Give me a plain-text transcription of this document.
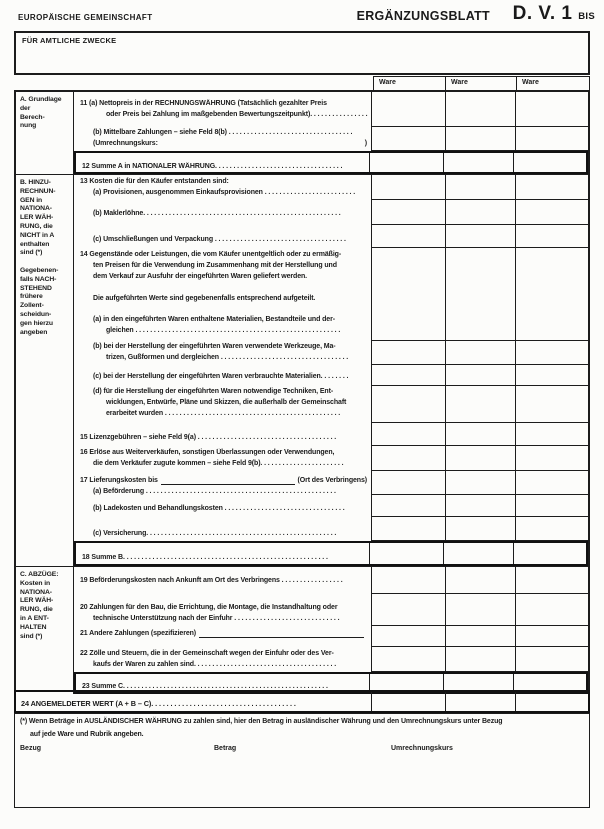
EUROPÄISCHE GEMEINSCHAFT	ERGÄNZUNGSBLATT D. V. 1 BIS
FÜR AMTLICHE ZWECKE
Ware	Ware	Ware
A. Grundlage
der
Berech-
nung
11 (a) Nettopreis in der RECHNUNGSWÄHRUNG (Tatsächlich gezahlter Preis
oder Preis bei Zahlung im maßgebenden Bewertungszeitpunkt). . . . . . . . . . . . . . . .
(b) Mittelbare Zahlungen – siehe Feld 8(b) . . . . . . . . . . . . . . . . . . . . . . . . . . . . . . . . . .
(Umrechnungskurs:	)
12 Summe A in NATIONALER WÄHRUNG. . . . . . . . . . . . . . . . . . . . . . . . . . . . . . . . . . .
B. HINZU-
RECHNUN-
GEN in
NATIONA-
LER WÄH-
RUNG, die
NICHT in A
enthalten
sind (*)

Gegebenen-
falls NACH-
STEHEND
frühere
Zollent-
scheidun-
gen hierzu
angeben
13 Kosten die für den Käufer entstanden sind:
(a) Provisionen, ausgenommen Einkaufsprovisionen . . . . . . . . . . . . . . . . . . . . . . . . .
(b) Maklerlöhne. . . . . . . . . . . . . . . . . . . . . . . . . . . . . . . . . . . . . . . . . . . . . . . . . . . . . .
(c) Umschließungen und Verpackung . . . . . . . . . . . . . . . . . . . . . . . . . . . . . . . . . . . .
14 Gegenstände oder Leistungen, die vom Käufer unentgeltlich oder zu ermäßig-
ten Preisen für die Verwendung im Zusammenhang mit der Herstellung und
dem Verkauf zur Ausfuhr der eingeführten Waren geliefert werden.

Die aufgeführten Werte sind gegebenenfalls entsprechend aufgeteilt.

(a) in den eingeführten Waren enthaltene Materialien, Bestandteile und der-
gleichen . . . . . . . . . . . . . . . . . . . . . . . . . . . . . . . . . . . . . . . . . . . . . . . . . . . . . . . .
(b) bei der Herstellung der eingeführten Waren verwendete Werkzeuge, Ma-
trizen, Gußformen und dergleichen . . . . . . . . . . . . . . . . . . . . . . . . . . . . . . . . . . .
(c) bei der Herstellung der eingeführten Waren verbrauchte Materialien. . . . . . . .
(d) für die Herstellung der eingeführten Waren notwendige Techniken, Ent-
wicklungen, Entwürfe, Pläne und Skizzen, die außerhalb der Gemeinschaft
erarbeitet wurden . . . . . . . . . . . . . . . . . . . . . . . . . . . . . . . . . . . . . . . . . . . . . . . .
15 Lizenzgebühren – siehe Feld 9(a) . . . . . . . . . . . . . . . . . . . . . . . . . . . . . . . . . . . . . .
16 Erlöse aus Weiterverkäufen, sonstigen Überlassungen oder Verwendungen,
die dem Verkäufer zugute kommen – siehe Feld 9(b). . . . . . . . . . . . . . . . . . . . . . .
17 Lieferungskosten bis	(Ort des Verbringens)
(a) Beförderung . . . . . . . . . . . . . . . . . . . . . . . . . . . . . . . . . . . . . . . . . . . . . . . . . . . .
(b) Ladekosten und Behandlungskosten . . . . . . . . . . . . . . . . . . . . . . . . . . . . . . . . .
(c) Versicherung. . . . . . . . . . . . . . . . . . . . . . . . . . . . . . . . . . . . . . . . . . . . . . . . . . . .
18 Summe B. . . . . . . . . . . . . . . . . . . . . . . . . . . . . . . . . . . . . . . . . . . . . . . . . . . . . . . .
C. ABZÜGE:
Kosten in
NATIONA-
LER WÄH-
RUNG, die
in A ENT-
HALTEN
sind (*)
19 Beförderungskosten nach Ankunft am Ort des Verbringens . . . . . . . . . . . . . . . . .
20 Zahlungen für den Bau, die Errichtung, die Montage, die Instandhaltung oder
technische Unterstützung nach der Einfuhr . . . . . . . . . . . . . . . . . . . . . . . . . . . . .
21 Andere Zahlungen (spezifizieren)
22 Zölle und Steuern, die in der Gemeinschaft wegen der Einfuhr oder des Ver-
kaufs der Waren zu zahlen sind. . . . . . . . . . . . . . . . . . . . . . . . . . . . . . . . . . . . . . .
23 Summe C. . . . . . . . . . . . . . . . . . . . . . . . . . . . . . . . . . . . . . . . . . . . . . . . . . . . . . . .
24 ANGEMELDETER WERT (A + B – C). . . . . . . . . . . . . . . . . . . . . . . . . . . . . . . . . . . . . .
(*) Wenn Beträge in AUSLÄNDISCHER WÄHRUNG zu zahlen sind, hier den Betrag in ausländischer Währung und den Umrechnungskurs unter Bezug
auf jede Ware und Rubrik angeben.
Bezug	Betrag	Umrechnungskurs
